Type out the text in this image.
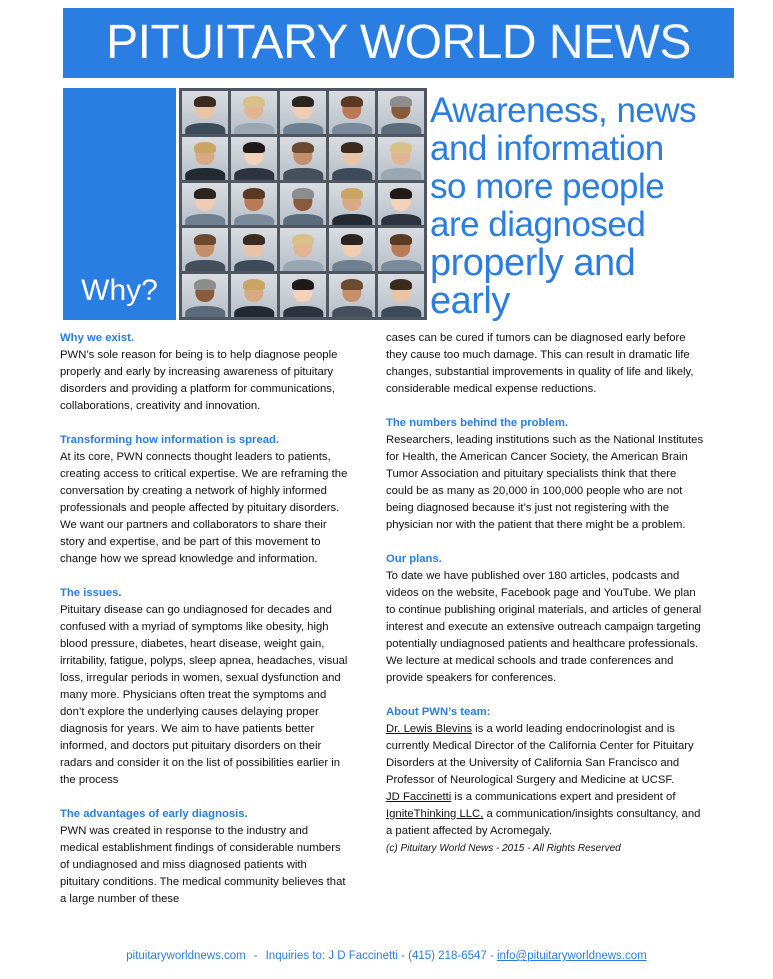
PITUITARY WORLD NEWS
Why?
Awareness, news
and information
so more people
are diagnosed
properly and
early

Why we exist.

PWN’s sole reason for being is to help diagnose people properly and early by increasing awareness of pituitary disorders and providing a platform for communications, collaborations, creativity and innovation.

Transforming how information is spread.

At its core, PWN connects thought leaders to patients, creating access to critical expertise. We are reframing the conversation by creating a network of highly informed professionals and people affected by pituitary disorders. We want our partners and collaborators to share their story and expertise, and be part of this movement to change how we spread knowledge and information.

The issues.

Pituitary disease can go undiagnosed for decades and confused with a myriad of symptoms like obesity, high blood pressure, diabetes, heart disease, weight gain, irritability, fatigue, polyps, sleep apnea, headaches, visual loss, irregular periods in women, sexual dysfunction and many more. Physicians often treat the symptoms and don’t explore the underlying causes delaying proper diagnosis for years. We aim to have patients better informed, and doctors put pituitary disorders on their radars and consider it on the list of possibilities earlier in the process

The advantages of early diagnosis.

PWN was created in response to the industry and medical establishment findings of considerable numbers of undiagnosed and miss diagnosed patients with pituitary conditions. The medical community believes that a large number of these

cases can be cured if tumors can be diagnosed early before they cause too much damage. This can result in dramatic life changes, substantial improvements in quality of life and likely, considerable medical expense reductions.

The numbers behind the problem.

Researchers, leading institutions such as the National Institutes for Health, the American Cancer Society, the American Brain Tumor Association and pituitary specialists think that there could be as many as 20,000 in 100,000 people who are not being diagnosed because it’s just not registering with the physician nor with the patient that there might be a problem.

Our plans.

To date we have published over 180 articles, podcasts and videos on the website, Facebook page and YouTube. We plan to continue publishing original materials, and articles of general interest and execute an extensive outreach campaign targeting potentially undiagnosed patients and healthcare professionals. We lecture at medical schools and trade conferences and provide speakers for conferences.

About PWN’s team:

Dr. Lewis Blevins is a world leading endocrinologist and is currently Medical Director of the California Center for Pituitary Disorders at the University of California San Francisco and Professor of Neurological Surgery and Medicine at UCSF.
JD Faccinetti is a communications expert and president of
IgniteThinking LLC, a communication/insights consultancy, and a patient affected by Acromegaly.

(c) Pituitary World News - 2015 - All Rights Reserved

pituitaryworldnews.com - Inquiries to: J D Faccinetti - (415) 218-6547 - info@pituitaryworldnews.com
